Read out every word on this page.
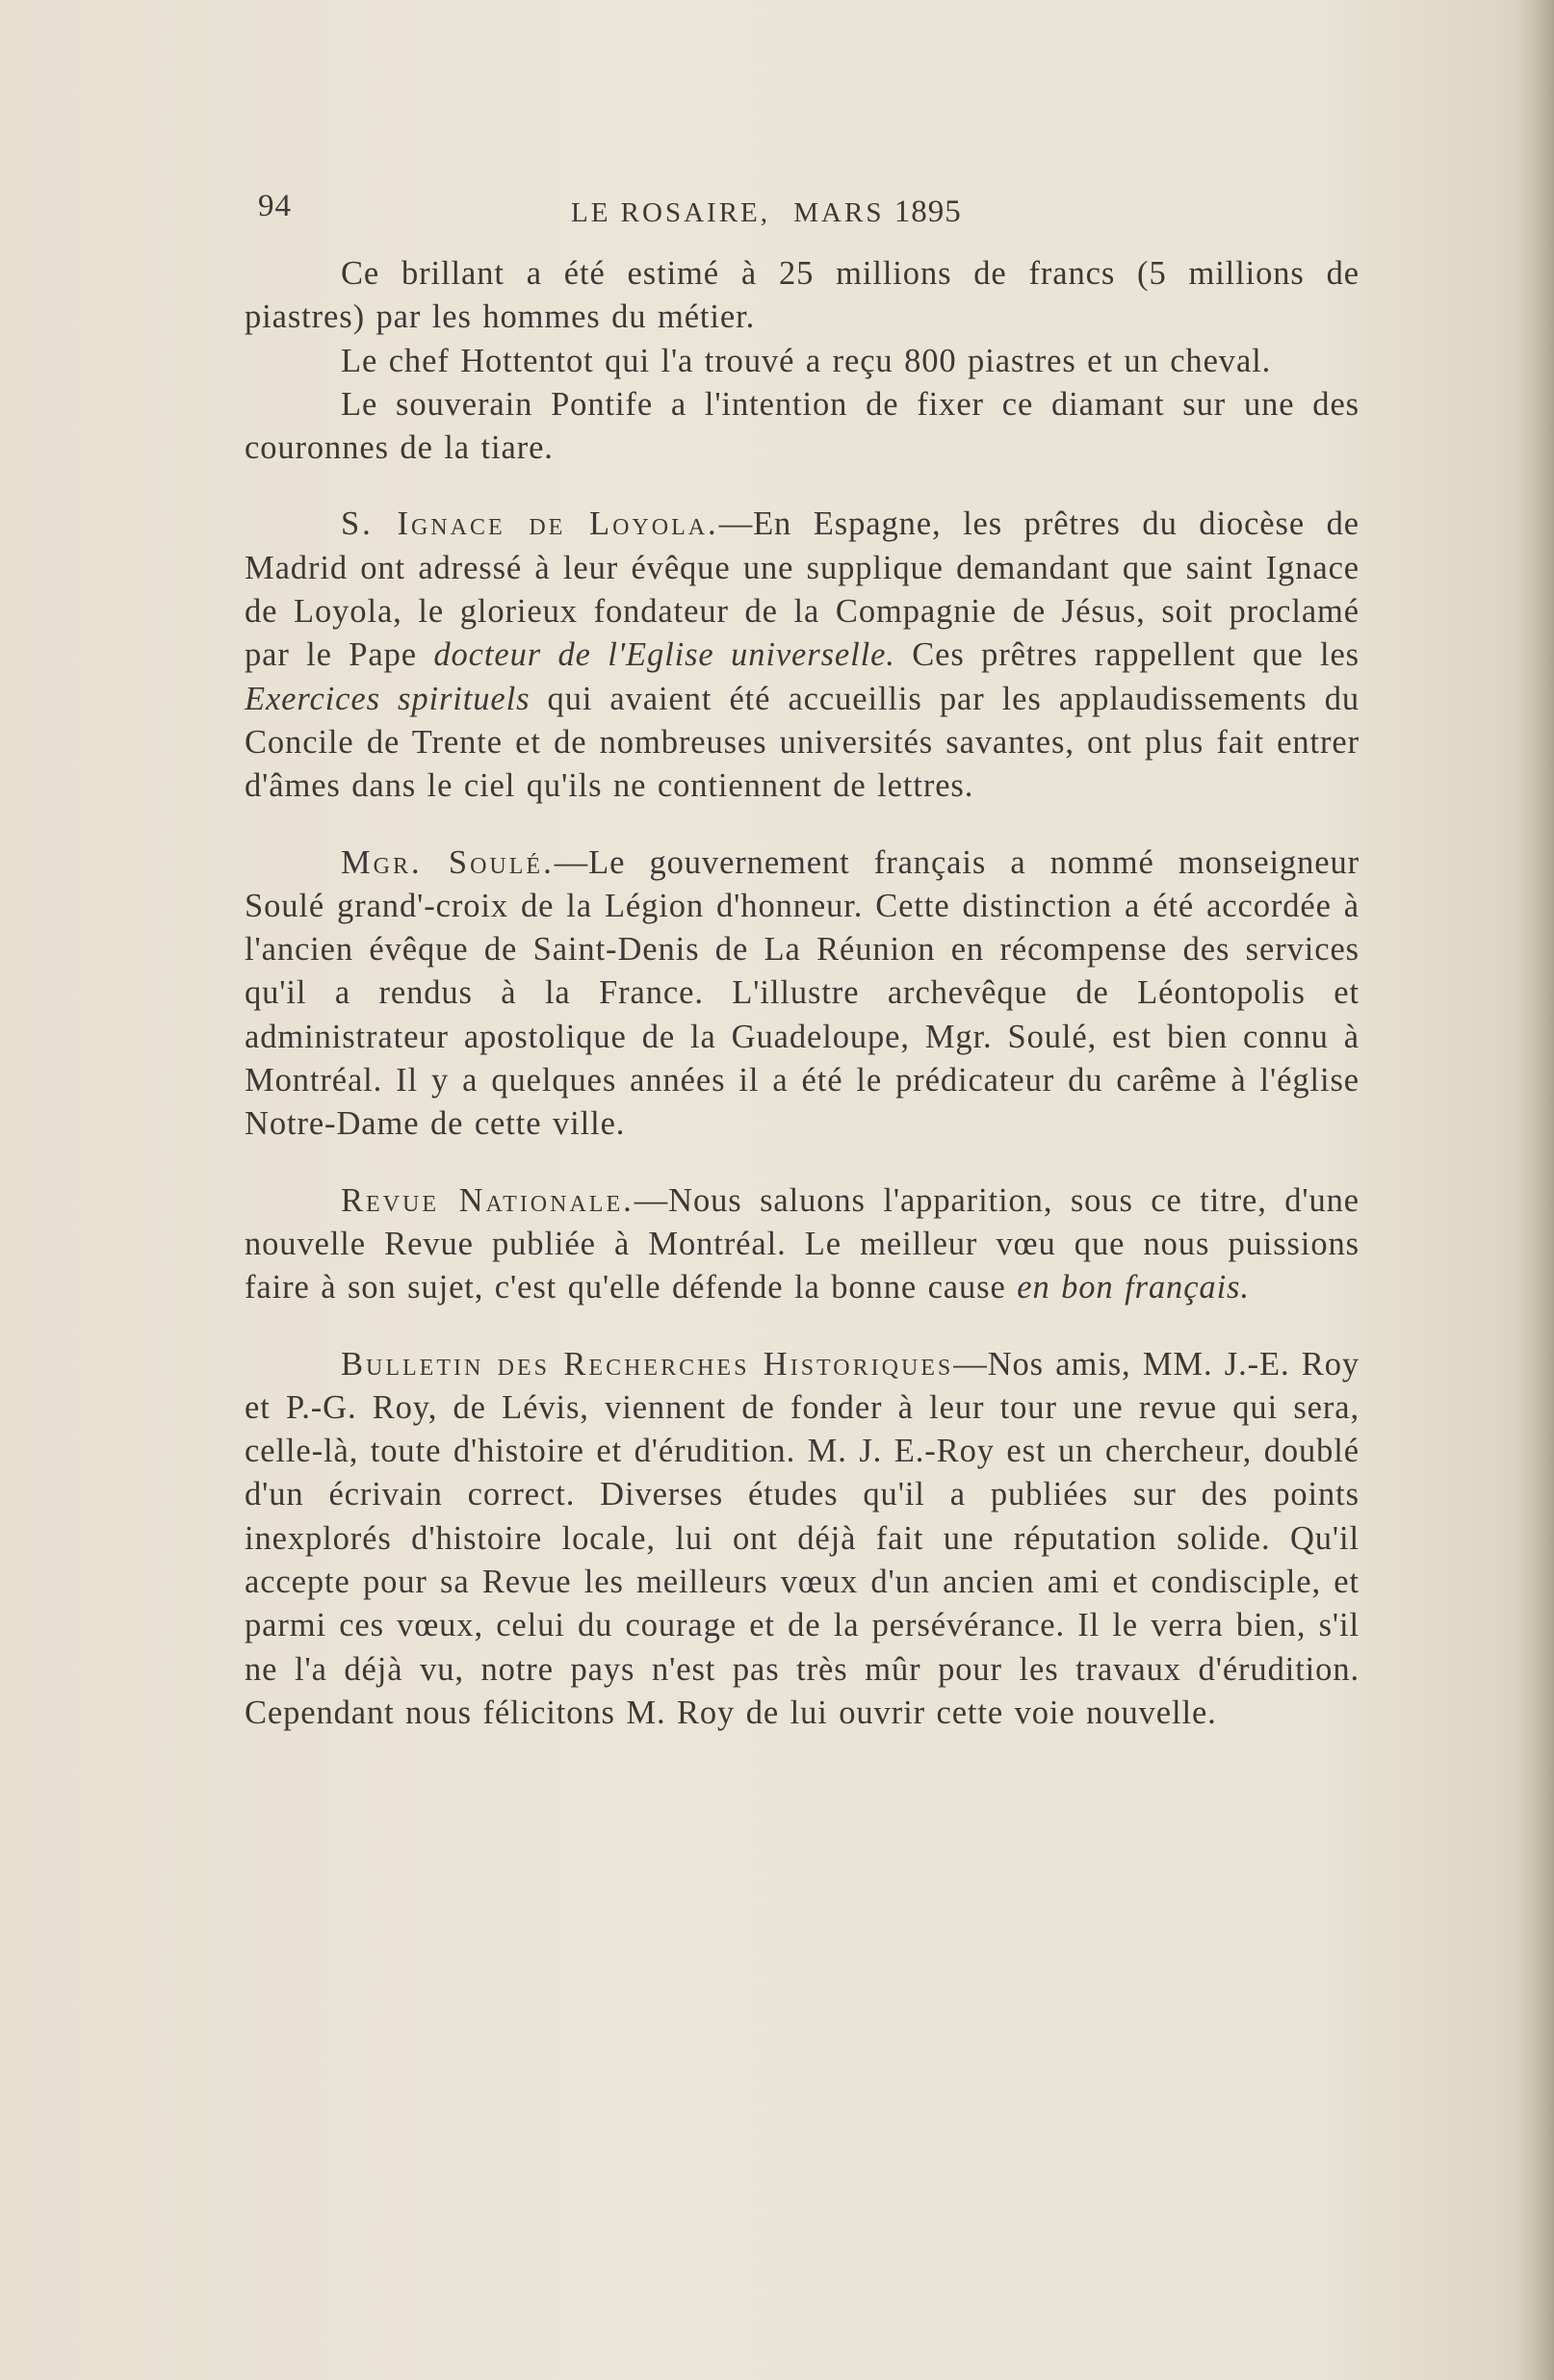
94	LE ROSAIRE, MARS 1895

Ce brillant a été estimé à 25 millions de francs (5 millions de piastres) par les hommes du métier.

Le chef Hottentot qui l'a trouvé a reçu 800 piastres et un cheval.

Le souverain Pontife a l'intention de fixer ce diamant sur une des couronnes de la tiare.

S. Ignace de Loyola.—En Espagne, les prêtres du diocèse de Madrid ont adressé à leur évêque une supplique demandant que saint Ignace de Loyola, le glorieux fondateur de la Compagnie de Jésus, soit proclamé par le Pape docteur de l'Eglise universelle. Ces prêtres rappellent que les Exercices spirituels qui avaient été accueillis par les applaudissements du Concile de Trente et de nombreuses universités savantes, ont plus fait entrer d'âmes dans le ciel qu'ils ne contiennent de lettres.

Mgr. Soulé.—Le gouvernement français a nommé monseigneur Soulé grand'-croix de la Légion d'honneur. Cette distinction a été accordée à l'ancien évêque de Saint-Denis de La Réunion en récompense des services qu'il a rendus à la France. L'illustre archevêque de Léontopolis et administrateur apostolique de la Guadeloupe, Mgr. Soulé, est bien connu à Montréal. Il y a quelques années il a été le prédicateur du carême à l'église Notre-Dame de cette ville.

Revue Nationale.—Nous saluons l'apparition, sous ce titre, d'une nouvelle Revue publiée à Montréal. Le meilleur vœu que nous puissions faire à son sujet, c'est qu'elle défende la bonne cause en bon français.

Bulletin des Recherches Historiques—Nos amis, MM. J.-E. Roy et P.-G. Roy, de Lévis, viennent de fonder à leur tour une revue qui sera, celle-là, toute d'histoire et d'érudition. M. J. E.-Roy est un chercheur, doublé d'un écrivain correct. Diverses études qu'il a publiées sur des points inexplorés d'histoire locale, lui ont déjà fait une réputation solide. Qu'il accepte pour sa Revue les meilleurs vœux d'un ancien ami et condisciple, et parmi ces vœux, celui du courage et de la persévérance. Il le verra bien, s'il ne l'a déjà vu, notre pays n'est pas très mûr pour les travaux d'érudition. Cependant nous félicitons M. Roy de lui ouvrir cette voie nouvelle.
